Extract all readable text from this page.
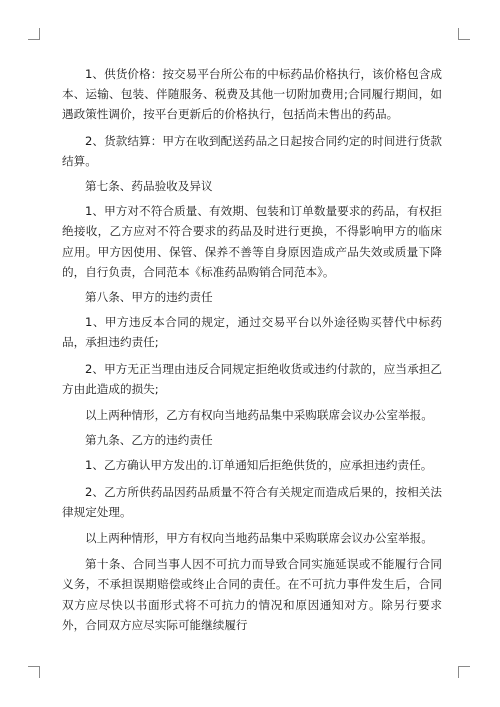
1、供货价格：按交易平台所公布的中标药品价格执行，该价格包含成本、运输、包装、伴随服务、税费及其他一切附加费用;合同履行期间，如遇政策性调价，按平台更新后的价格执行，包括尚未售出的药品。

2、货款结算：甲方在收到配送药品之日起按合同约定的时间进行货款结算。

第七条、药品验收及异议

1、甲方对不符合质量、有效期、包装和订单数量要求的药品，有权拒绝接收，乙方应对不符合要求的药品及时进行更换，不得影响甲方的临床应用。甲方因使用、保管、保养不善等自身原因造成产品失效或质量下降的，自行负责，合同范本《标准药品购销合同范本》。

第八条、甲方的违约责任

1、甲方违反本合同的规定，通过交易平台以外途径购买替代中标药品，承担违约责任;

2、甲方无正当理由违反合同规定拒绝收货或违约付款的，应当承担乙方由此造成的损失;

以上两种情形，乙方有权向当地药品集中采购联席会议办公室举报。

第九条、乙方的违约责任

1、乙方确认甲方发出的.订单通知后拒绝供货的，应承担违约责任。

2、乙方所供药品因药品质量不符合有关规定而造成后果的，按相关法律规定处理。

以上两种情形，甲方有权向当地药品集中采购联席会议办公室举报。

第十条、合同当事人因不可抗力而导致合同实施延误或不能履行合同义务，不承担误期赔偿或终止合同的责任。在不可抗力事件发生后，合同双方应尽快以书面形式将不可抗力的情况和原因通知对方。除另行要求外，合同双方应尽实际可能继续履行
